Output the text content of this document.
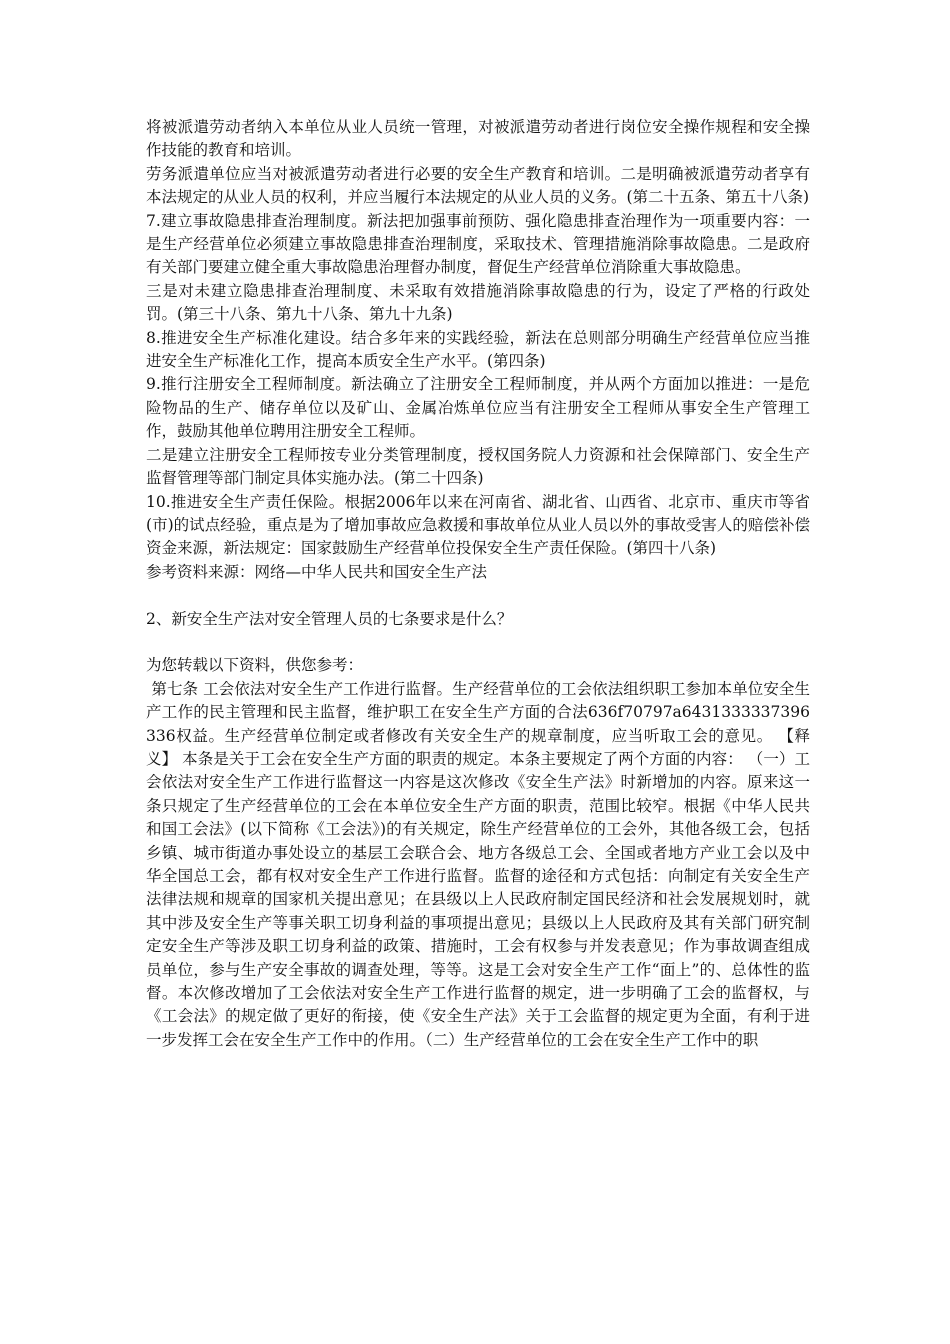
将被派遣劳动者纳入本单位从业人员统一管理，对被派遣劳动者进行岗位安全操作规程和安全操作技能的教育和培训。

劳务派遣单位应当对被派遣劳动者进行必要的安全生产教育和培训。二是明确被派遣劳动者享有本法规定的从业人员的权利，并应当履行本法规定的从业人员的义务。(第二十五条、第五十八条)

7.建立事故隐患排查治理制度。新法把加强事前预防、强化隐患排查治理作为一项重要内容：一是生产经营单位必须建立事故隐患排查治理制度，采取技术、管理措施消除事故隐患。二是政府有关部门要建立健全重大事故隐患治理督办制度，督促生产经营单位消除重大事故隐患。

三是对未建立隐患排查治理制度、未采取有效措施消除事故隐患的行为，设定了严格的行政处罚。(第三十八条、第九十八条、第九十九条)

8.推进安全生产标准化建设。结合多年来的实践经验，新法在总则部分明确生产经营单位应当推进安全生产标准化工作，提高本质安全生产水平。(第四条)

9.推行注册安全工程师制度。新法确立了注册安全工程师制度，并从两个方面加以推进：一是危险物品的生产、储存单位以及矿山、金属冶炼单位应当有注册安全工程师从事安全生产管理工作，鼓励其他单位聘用注册安全工程师。

二是建立注册安全工程师按专业分类管理制度，授权国务院人力资源和社会保障部门、安全生产监督管理等部门制定具体实施办法。(第二十四条)

10.推进安全生产责任保险。根据2006年以来在河南省、湖北省、山西省、北京市、重庆市等省(市)的试点经验，重点是为了增加事故应急救援和事故单位从业人员以外的事故受害人的赔偿补偿资金来源，新法规定：国家鼓励生产经营单位投保安全生产责任保险。(第四十八条)

参考资料来源：网络—中华人民共和国安全生产法

2、新安全生产法对安全管理人员的七条要求是什么？

为您转载以下资料，供您参考：

第七条 工会依法对安全生产工作进行监督。生产经营单位的工会依法组织职工参加本单位安全生产工作的民主管理和民主监督，维护职工在安全生产方面的合法636f70797a6431333337396336权益。生产经营单位制定或者修改有关安全生产的规章制度，应当听取工会的意见。 【释义】 本条是关于工会在安全生产方面的职责的规定。本条主要规定了两个方面的内容： （一）工会依法对安全生产工作进行监督这一内容是这次修改《安全生产法》时新增加的内容。原来这一条只规定了生产经营单位的工会在本单位安全生产方面的职责，范围比较窄。根据《中华人民共和国工会法》(以下简称《工会法》)的有关规定，除生产经营单位的工会外，其他各级工会，包括乡镇、城市街道办事处设立的基层工会联合会、地方各级总工会、全国或者地方产业工会以及中华全国总工会，都有权对安全生产工作进行监督。监督的途径和方式包括：向制定有关安全生产法律法规和规章的国家机关提出意见；在县级以上人民政府制定国民经济和社会发展规划时，就其中涉及安全生产等事关职工切身利益的事项提出意见；县级以上人民政府及其有关部门研究制定安全生产等涉及职工切身利益的政策、措施时，工会有权参与并发表意见；作为事故调查组成员单位，参与生产安全事故的调查处理，等等。这是工会对安全生产工作“面上”的、总体性的监督。本次修改增加了工会依法对安全生产工作进行监督的规定，进一步明确了工会的监督权，与《工会法》的规定做了更好的衔接，使《安全生产法》关于工会监督的规定更为全面，有利于进一步发挥工会在安全生产工作中的作用。（二）生产经营单位的工会在安全生产工作中的职
